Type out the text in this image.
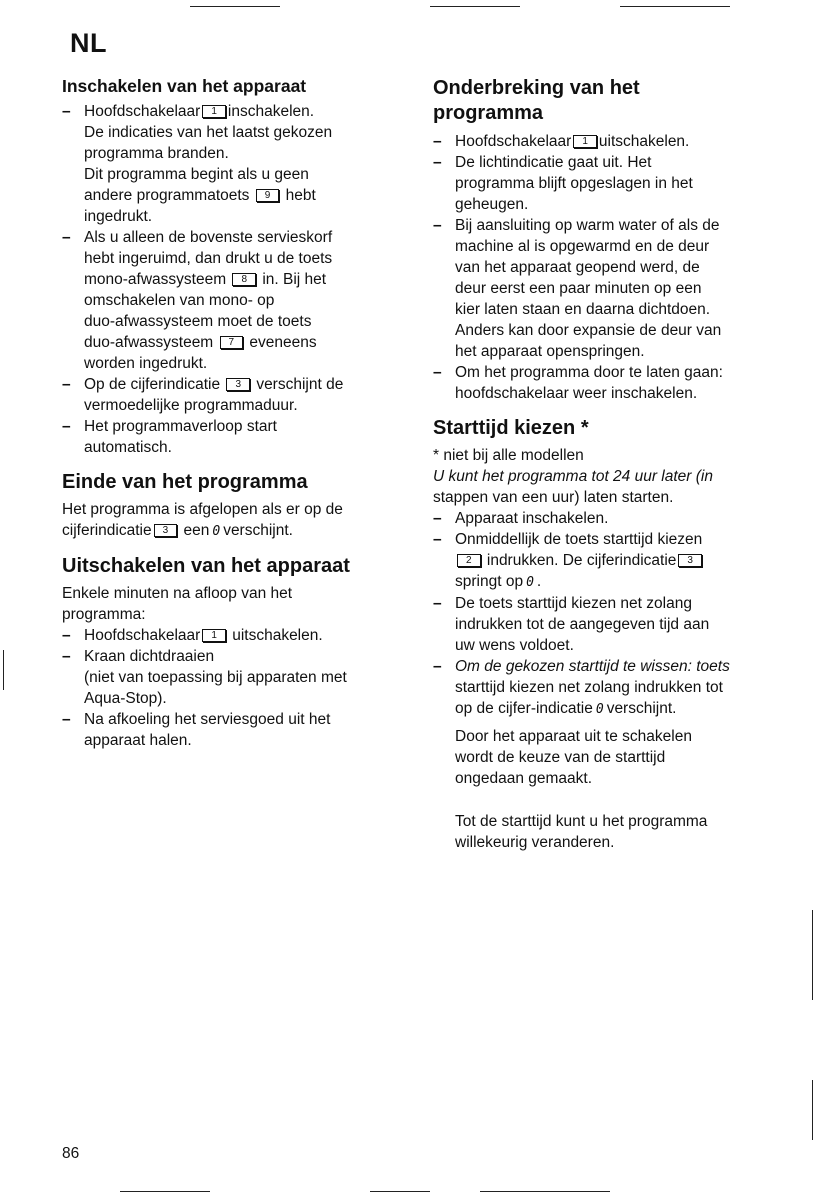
NL
Inschakelen van het apparaat
– Hoofdschakelaar 1 inschakelen.

De indicaties van het laatst gekozen

programma branden.

Dit programma begint als u geen

andere programmatoets 9 hebt

ingedrukt.

– Als u alleen de bovenste servieskorf

hebt ingeruimd, dan drukt u de toets

mono-afwassysteem 8 in. Bij het

omschakelen van mono- op

duo-afwassysteem moet de toets

duo-afwassysteem 7 eveneens

worden ingedrukt.

– Op de cijferindicatie 3 verschijnt de

vermoedelijke programmaduur.

– Het programmaverloop start

automatisch.

Einde van het programma

Het programma is afgelopen als er op de

cijferindicatie 3 een 0 verschijnt.

Uitschakelen van het apparaat

Enkele minuten na afloop van het

programma:

– Hoofdschakelaar 1 uitschakelen.

– Kraan dichtdraaien

(niet van toepassing bij apparaten met

Aqua-Stop).

– Na afkoeling het serviesgoed uit het

apparaat halen.

Onderbreking van het
programma
– Hoofdschakelaar 1 uitschakelen.

– De lichtindicatie gaat uit. Het

programma blijft opgeslagen in het

geheugen.

– Bij aansluiting op warm water of als de

machine al is opgewarmd en de deur

van het apparaat geopend werd, de

deur eerst een paar minuten op een

kier laten staan en daarna dichtdoen.

Anders kan door expansie de deur van

het apparaat openspringen.

– Om het programma door te laten gaan:

hoofdschakelaar weer inschakelen.

Starttijd kiezen *

* niet bij alle modellen

U kunt het programma tot 24 uur later (in

stappen van een uur) laten starten.

– Apparaat inschakelen.

– Onmiddellijk de toets starttijd kiezen

2 indrukken. De cijferindicatie 3

springt op 0 .

– De toets starttijd kiezen net zolang

indrukken tot de aangegeven tijd aan

uw wens voldoet.

– Om de gekozen starttijd te wissen: toets

starttijd kiezen net zolang indrukken tot

op de cijfer-indicatie 0 verschijnt.

Door het apparaat uit te schakelen

wordt de keuze van de starttijd

ongedaan gemaakt.

Tot de starttijd kunt u het programma

willekeurig veranderen.

86
